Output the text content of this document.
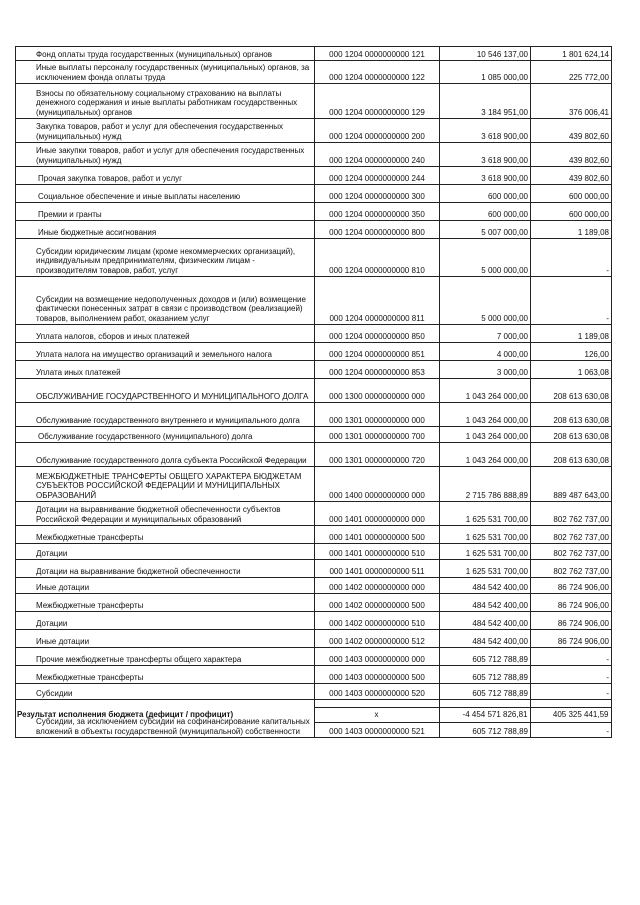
Фонд оплаты труда государственных (муниципальных) органов	000 1204 0000000000 121	10 546 137,00	1 801 624,14
Иные выплаты персоналу государственных (муниципальных) органов, за исключением фонда оплаты труда	000 1204 0000000000 122	1 085 000,00	225 772,00
Взносы по обязательному социальному страхованию на выплаты денежного содержания и иные выплаты работникам государственных (муниципальных) органов	000 1204 0000000000 129	3 184 951,00	376 006,41
Закупка товаров, работ и услуг для обеспечения государственных (муниципальных) нужд	000 1204 0000000000 200	3 618 900,00	439 802,60
Иные закупки товаров, работ и услуг для обеспечения государственных (муниципальных) нужд	000 1204 0000000000 240	3 618 900,00	439 802,60
Прочая закупка товаров, работ и услуг	000 1204 0000000000 244	3 618 900,00	439 802,60
Социальное обеспечение и иные выплаты населению	000 1204 0000000000 300	600 000,00	600 000,00
Премии и гранты	000 1204 0000000000 350	600 000,00	600 000,00
Иные бюджетные ассигнования	000 1204 0000000000 800	5 007 000,00	1 189,08
Субсидии юридическим лицам (кроме некоммерческих организаций), индивидуальным предпринимателям, физическим лицам - производителям товаров, работ, услуг	000 1204 0000000000 810	5 000 000,00	-
Субсидии на возмещение недополученных доходов и (или) возмещение фактически понесенных затрат в связи с производством (реализацией) товаров, выполнением работ, оказанием услуг	000 1204 0000000000 811	5 000 000,00	-
Уплата налогов, сборов и иных платежей	000 1204 0000000000 850	7 000,00	1 189,08
Уплата налога на имущество организаций и земельного налога	000 1204 0000000000 851	4 000,00	126,00
Уплата иных платежей	000 1204 0000000000 853	3 000,00	1 063,08
ОБСЛУЖИВАНИЕ ГОСУДАРСТВЕННОГО И МУНИЦИПАЛЬНОГО ДОЛГА	000 1300 0000000000 000	1 043 264 000,00	208 613 630,08
Обслуживание государственного внутреннего и муниципального долга	000 1301 0000000000 000	1 043 264 000,00	208 613 630,08
Обслуживание государственного (муниципального) долга	000 1301 0000000000 700	1 043 264 000,00	208 613 630,08
Обслуживание государственного долга субъекта Российской Федерации	000 1301 0000000000 720	1 043 264 000,00	208 613 630,08
МЕЖБЮДЖЕТНЫЕ ТРАНСФЕРТЫ ОБЩЕГО ХАРАКТЕРА БЮДЖЕТАМ СУБЪЕКТОВ РОССИЙСКОЙ ФЕДЕРАЦИИ И МУНИЦИПАЛЬНЫХ ОБРАЗОВАНИЙ	000 1400 0000000000 000	2 715 786 888,89	889 487 643,00
Дотации на выравнивание бюджетной обеспеченности субъектов Российской Федерации и муниципальных образований	000 1401 0000000000 000	1 625 531 700,00	802 762 737,00
Межбюджетные трансферты	000 1401 0000000000 500	1 625 531 700,00	802 762 737,00
Дотации	000 1401 0000000000 510	1 625 531 700,00	802 762 737,00
Дотации на выравнивание бюджетной обеспеченности	000 1401 0000000000 511	1 625 531 700,00	802 762 737,00
Иные дотации	000 1402 0000000000 000	484 542 400,00	86 724 906,00
Межбюджетные трансферты	000 1402 0000000000 500	484 542 400,00	86 724 906,00
Дотации	000 1402 0000000000 510	484 542 400,00	86 724 906,00
Иные дотации	000 1402 0000000000 512	484 542 400,00	86 724 906,00
Прочие межбюджетные трансферты общего характера	000 1403 0000000000 000	605 712 788,89	-
Межбюджетные трансферты	000 1403 0000000000 500	605 712 788,89	-
Субсидии	000 1403 0000000000 520	605 712 788,89	-
Субсидии, за исключением субсидии на софинансирование капитальных вложений в объекты государственной (муниципальной) собственности	000 1403 0000000000 521	605 712 788,89	-
Результат исполнения бюджета (дефицит / профицит)	x	-4 454 571 826,81	405 325 441,59
